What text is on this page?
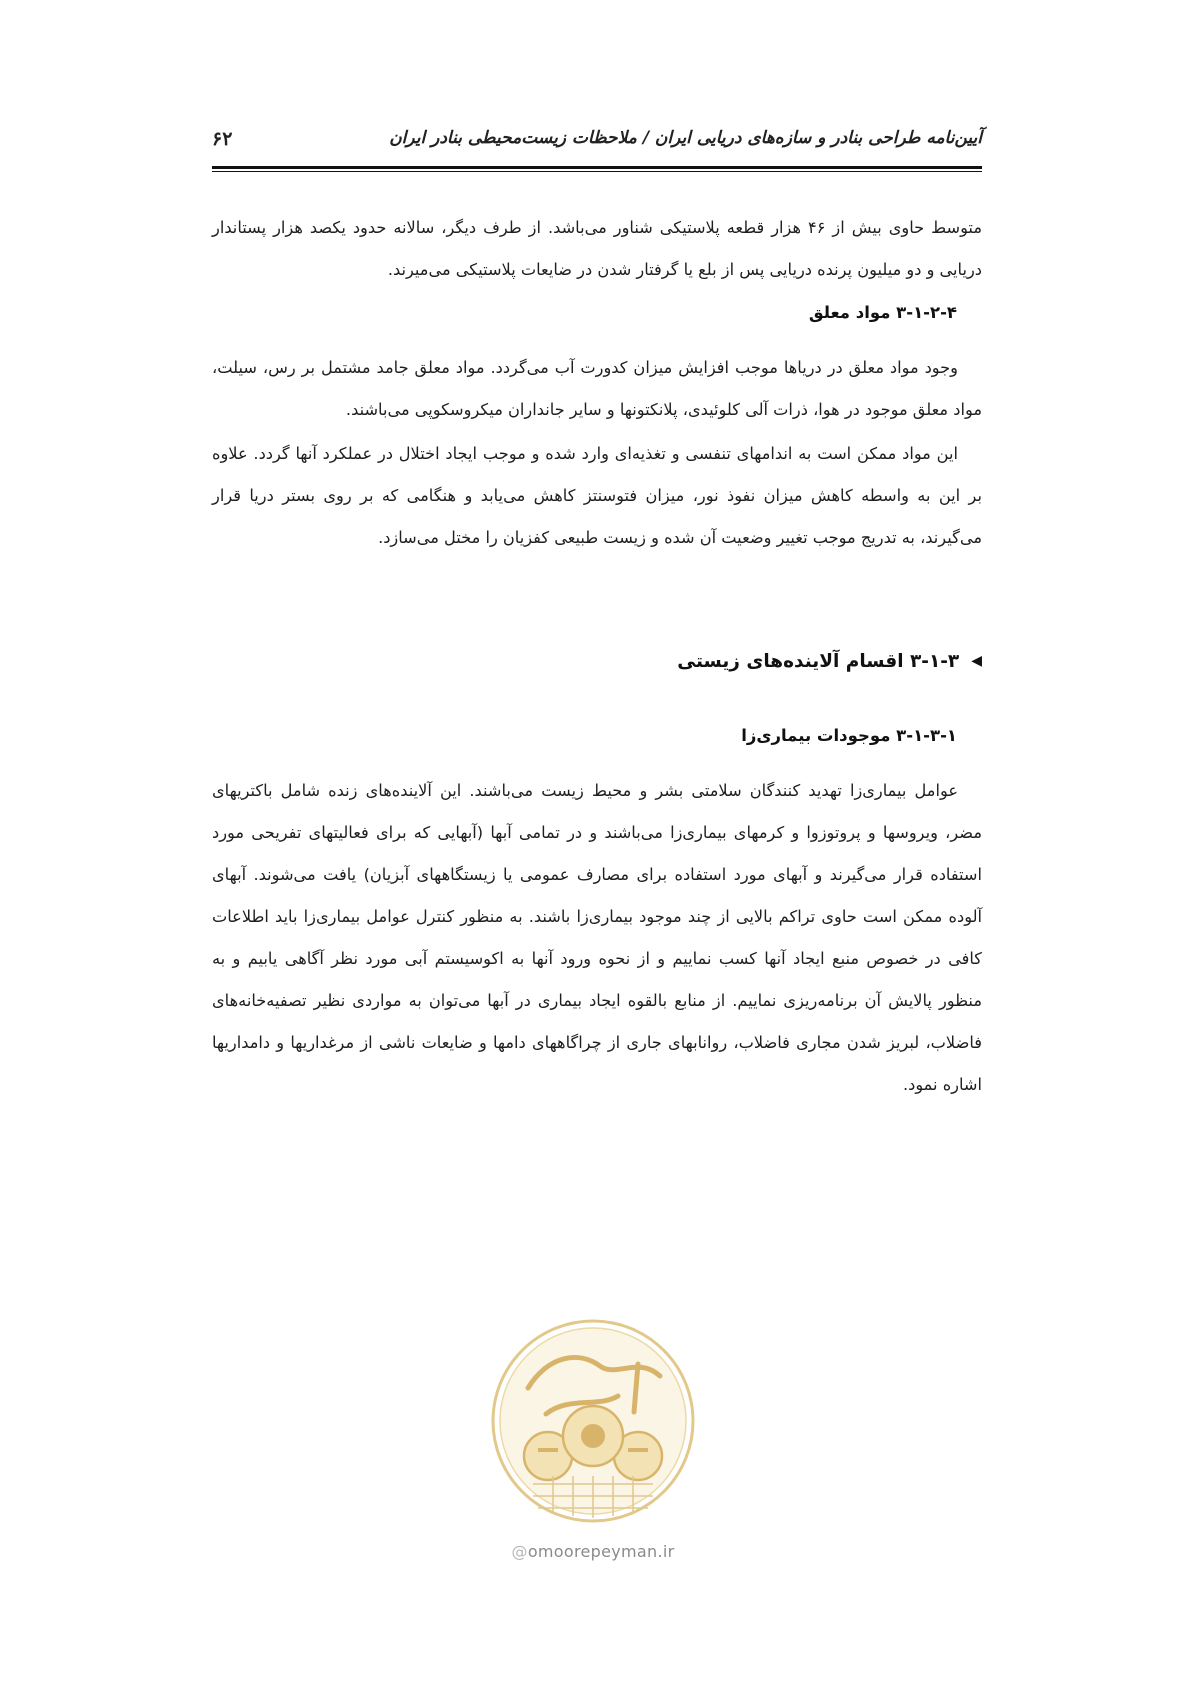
آیین‌نامه طراحی بنادر و سازه‌های دریایی ایران / ملاحظات زیست‌محیطی بنادر ایران
۶۲

متوسط حاوی بیش از ۴۶ هزار قطعه پلاستیکی شناور می‌باشد. از طرف دیگر، سالانه حدود یکصد هزار پستاندار دریایی و دو میلیون پرنده دریایی پس از بلع یا گرفتار شدن در ضایعات پلاستیکی می‌میرند.

۳-۱-۲-۴ مواد معلق

وجود مواد معلق در دریاها موجب افزایش میزان کدورت آب می‌گردد. مواد معلق جامد مشتمل بر رس، سیلت، مواد معلق موجود در هوا، ذرات آلی کلوئیدی، پلانکتونها و سایر جانداران میکروسکوپی می‌باشند.

این مواد ممکن است به اندامهای تنفسی و تغذیه‌ای وارد شده و موجب ایجاد اختلال در عملکرد آنها گردد. علاوه بر این به واسطه کاهش میزان نفوذ نور، میزان فتوسنتز کاهش می‌یابد و هنگامی که بر روی بستر دریا قرار می‌گیرند، به تدریج موجب تغییر وضعیت آن شده و زیست طبیعی کفزیان را مختل می‌سازد.

◀۳-۱-۳ اقسام آلاینده‌های زیستی
۳-۱-۳-۱ موجودات بیماری‌زا

عوامل بیماری‌زا تهدید کنندگان سلامتی بشر و محیط زیست می‌باشند. این آلاینده‌های زنده شامل باکتریهای مضر، ویروسها و پروتوزوا و کرمهای بیماری‌زا می‌باشند و در تمامی آبها (آبهایی که برای فعالیتهای تفریحی مورد استفاده قرار می‌گیرند و آبهای مورد استفاده برای مصارف عمومی یا زیستگاههای آبزیان) یافت می‌شوند. آبهای آلوده ممکن است حاوی تراکم بالایی از چند موجود بیماری‌زا باشند. به منظور کنترل عوامل بیماری‌زا باید اطلاعات کافی در خصوص منبع ایجاد آنها کسب نماییم و از نحوه ورود آنها به اکوسیستم آبی مورد نظر آگاهی یابیم و به منظور پالایش آن برنامه‌ریزی نماییم. از منابع بالقوه ایجاد بیماری در آبها می‌توان به مواردی نظیر تصفیه‌خانه‌های فاضلاب، لبریز شدن مجاری فاضلاب، روانابهای جاری از چراگاههای دامها و ضایعات ناشی از مرغداریها و دامداریها اشاره نمود.

@omoorepeyman.ir
